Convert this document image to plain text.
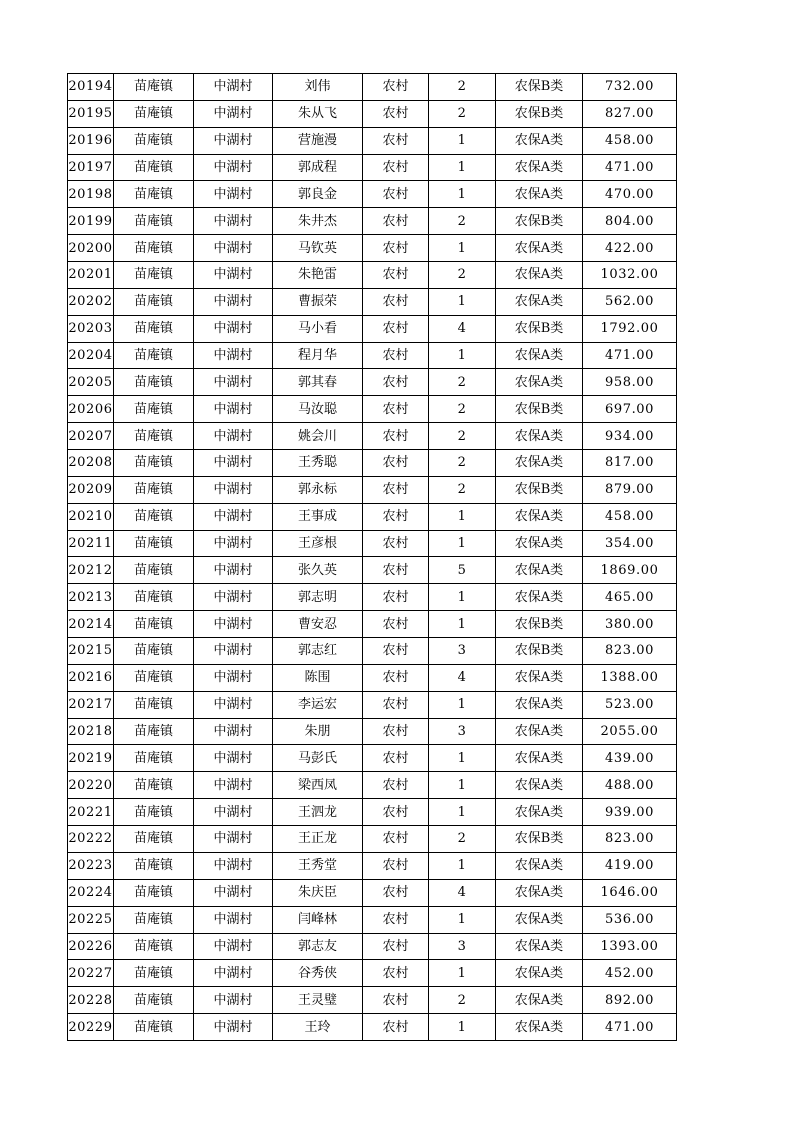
20194	苗庵镇	中湖村	刘伟	农村	2	农保B类	732.00
20195	苗庵镇	中湖村	朱从飞	农村	2	农保B类	827.00
20196	苗庵镇	中湖村	营施漫	农村	1	农保A类	458.00
20197	苗庵镇	中湖村	郭成程	农村	1	农保A类	471.00
20198	苗庵镇	中湖村	郭良金	农村	1	农保A类	470.00
20199	苗庵镇	中湖村	朱井杰	农村	2	农保B类	804.00
20200	苗庵镇	中湖村	马钦英	农村	1	农保A类	422.00
20201	苗庵镇	中湖村	朱艳雷	农村	2	农保A类	1032.00
20202	苗庵镇	中湖村	曹振荣	农村	1	农保A类	562.00
20203	苗庵镇	中湖村	马小看	农村	4	农保B类	1792.00
20204	苗庵镇	中湖村	程月华	农村	1	农保A类	471.00
20205	苗庵镇	中湖村	郭其春	农村	2	农保A类	958.00
20206	苗庵镇	中湖村	马汝聪	农村	2	农保B类	697.00
20207	苗庵镇	中湖村	姚会川	农村	2	农保A类	934.00
20208	苗庵镇	中湖村	王秀聪	农村	2	农保A类	817.00
20209	苗庵镇	中湖村	郭永标	农村	2	农保B类	879.00
20210	苗庵镇	中湖村	王事成	农村	1	农保A类	458.00
20211	苗庵镇	中湖村	王彦根	农村	1	农保A类	354.00
20212	苗庵镇	中湖村	张久英	农村	5	农保A类	1869.00
20213	苗庵镇	中湖村	郭志明	农村	1	农保A类	465.00
20214	苗庵镇	中湖村	曹安忍	农村	1	农保B类	380.00
20215	苗庵镇	中湖村	郭志红	农村	3	农保B类	823.00
20216	苗庵镇	中湖村	陈围	农村	4	农保A类	1388.00
20217	苗庵镇	中湖村	李运宏	农村	1	农保A类	523.00
20218	苗庵镇	中湖村	朱朋	农村	3	农保A类	2055.00
20219	苗庵镇	中湖村	马彭氏	农村	1	农保A类	439.00
20220	苗庵镇	中湖村	梁西凤	农村	1	农保A类	488.00
20221	苗庵镇	中湖村	王泗龙	农村	1	农保A类	939.00
20222	苗庵镇	中湖村	王正龙	农村	2	农保B类	823.00
20223	苗庵镇	中湖村	王秀堂	农村	1	农保A类	419.00
20224	苗庵镇	中湖村	朱庆臣	农村	4	农保A类	1646.00
20225	苗庵镇	中湖村	闫峰林	农村	1	农保A类	536.00
20226	苗庵镇	中湖村	郭志友	农村	3	农保A类	1393.00
20227	苗庵镇	中湖村	谷秀侠	农村	1	农保A类	452.00
20228	苗庵镇	中湖村	王灵璧	农村	2	农保A类	892.00
20229	苗庵镇	中湖村	王玲	农村	1	农保A类	471.00
